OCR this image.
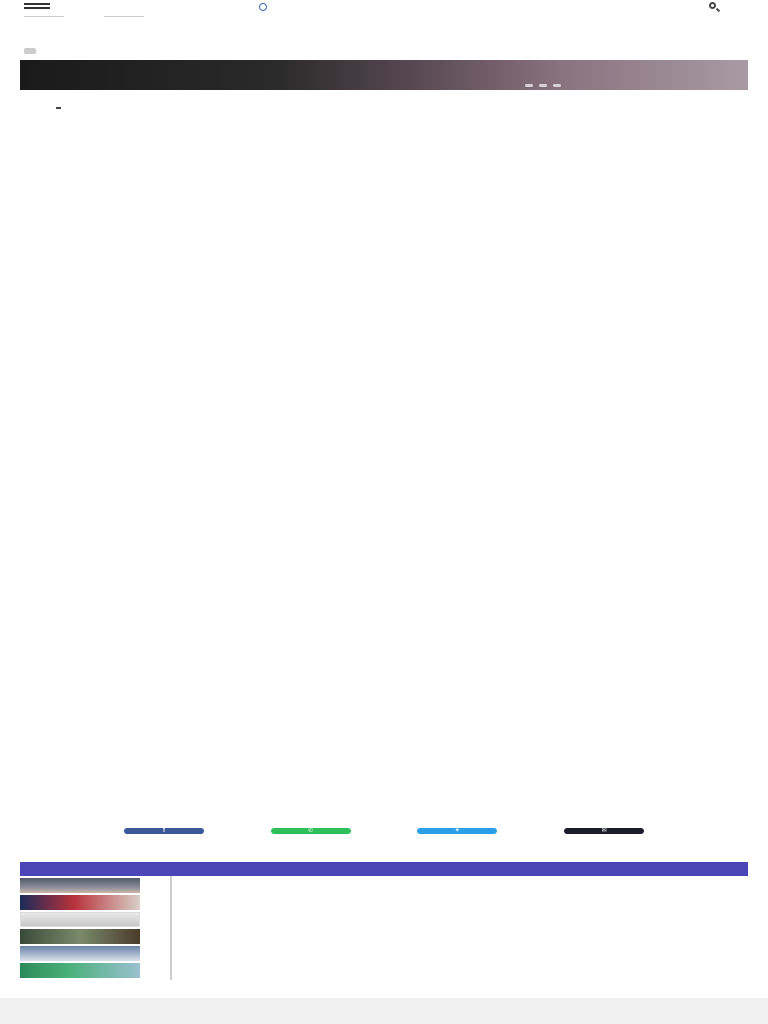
f	✆	✦	✉
